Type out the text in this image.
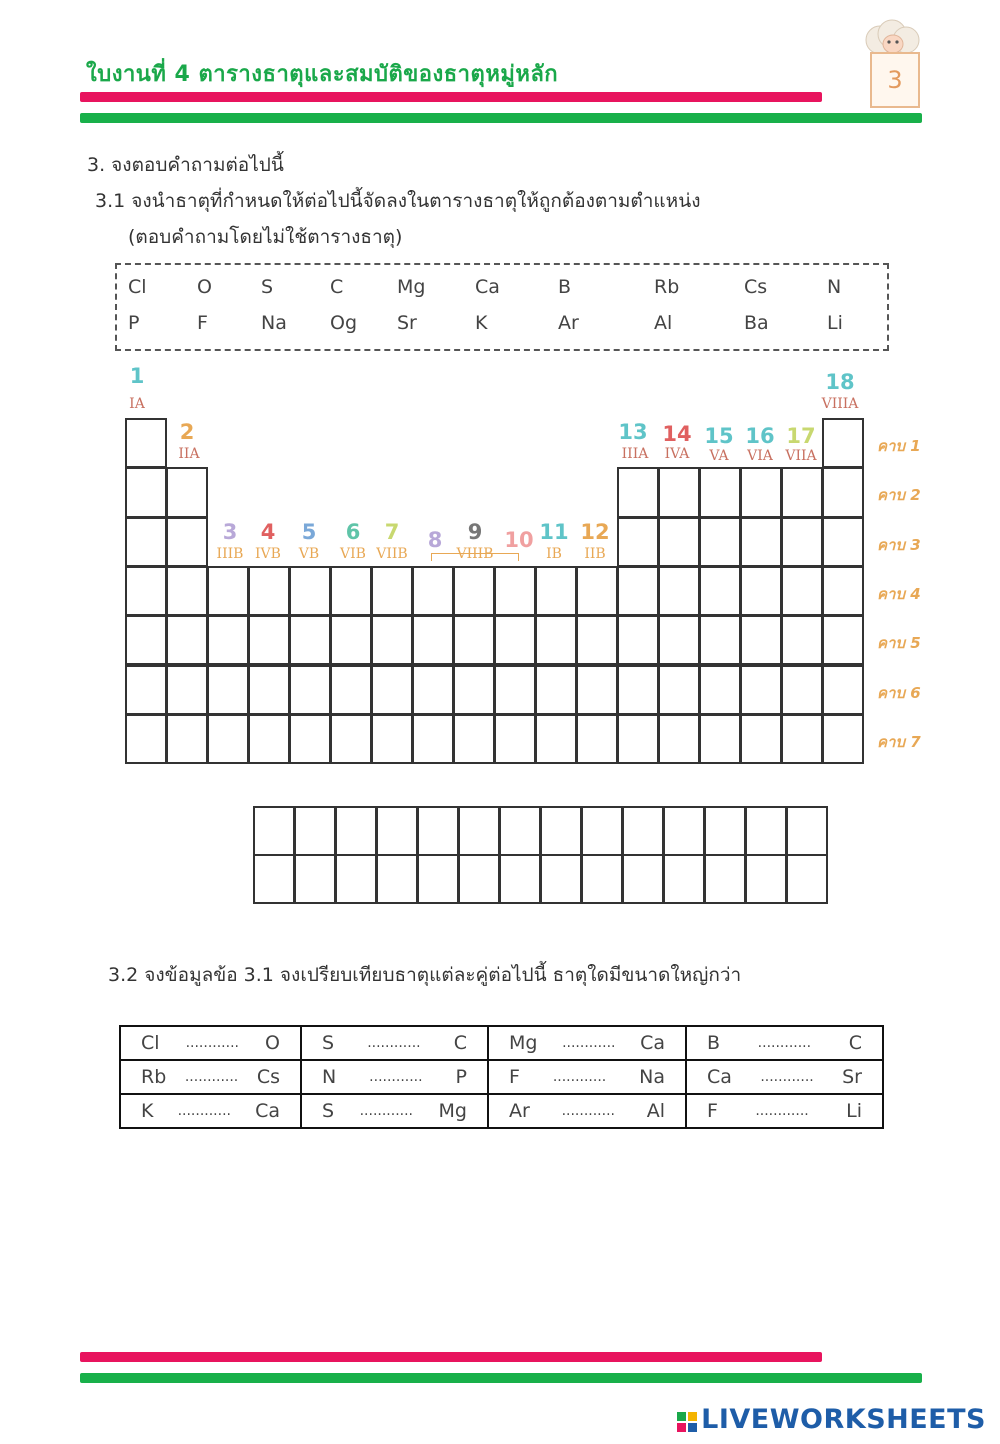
ใบงานที่ 4 ตารางธาตุและสมบัติของธาตุหมู่หลัก	3
3. จงตอบคำถามต่อไปนี้
3.1 จงนำธาตุที่กำหนดให้ต่อไปนี้จัดลงในตารางธาตุให้ถูกต้องตามตำแหน่ง
(ตอบคำถามโดยไม่ใช้ตารางธาตุ)
Cl	O	S	C	Mg	Ca	B	Rb	Cs	N
P	F	Na Og Sr	K	Ar	Al	Ba	Li
1
IA
2
IIA
3
IIIB
4
IVB
5
VB
6
VIB
7
VIIB
8	9
VIIIB
10 11
IB
12
IIB
13
IIIA
14
IVA
15
VA
16
VIA
17
VIIA
18
VIIIA
คาบ 1
คาบ 2
คาบ 3
คาบ 4
คาบ 5
คาบ 6
คาบ 7
3.2 จงข้อมูลข้อ 3.1 จงเปรียบเทียบธาตุแต่ละคู่ต่อไปนี้ ธาตุใดมีขนาดใหญ่กว่า
Cl ............ O	S ............ C	Mg ............ Ca	B ............ C

Rb ............ Cs	N ............ P	F ............ Na	Ca ............ Sr

K ............ Ca	S ............ Mg	Ar ............ Al	F ............ Li
LIVEWORKSHEETS
